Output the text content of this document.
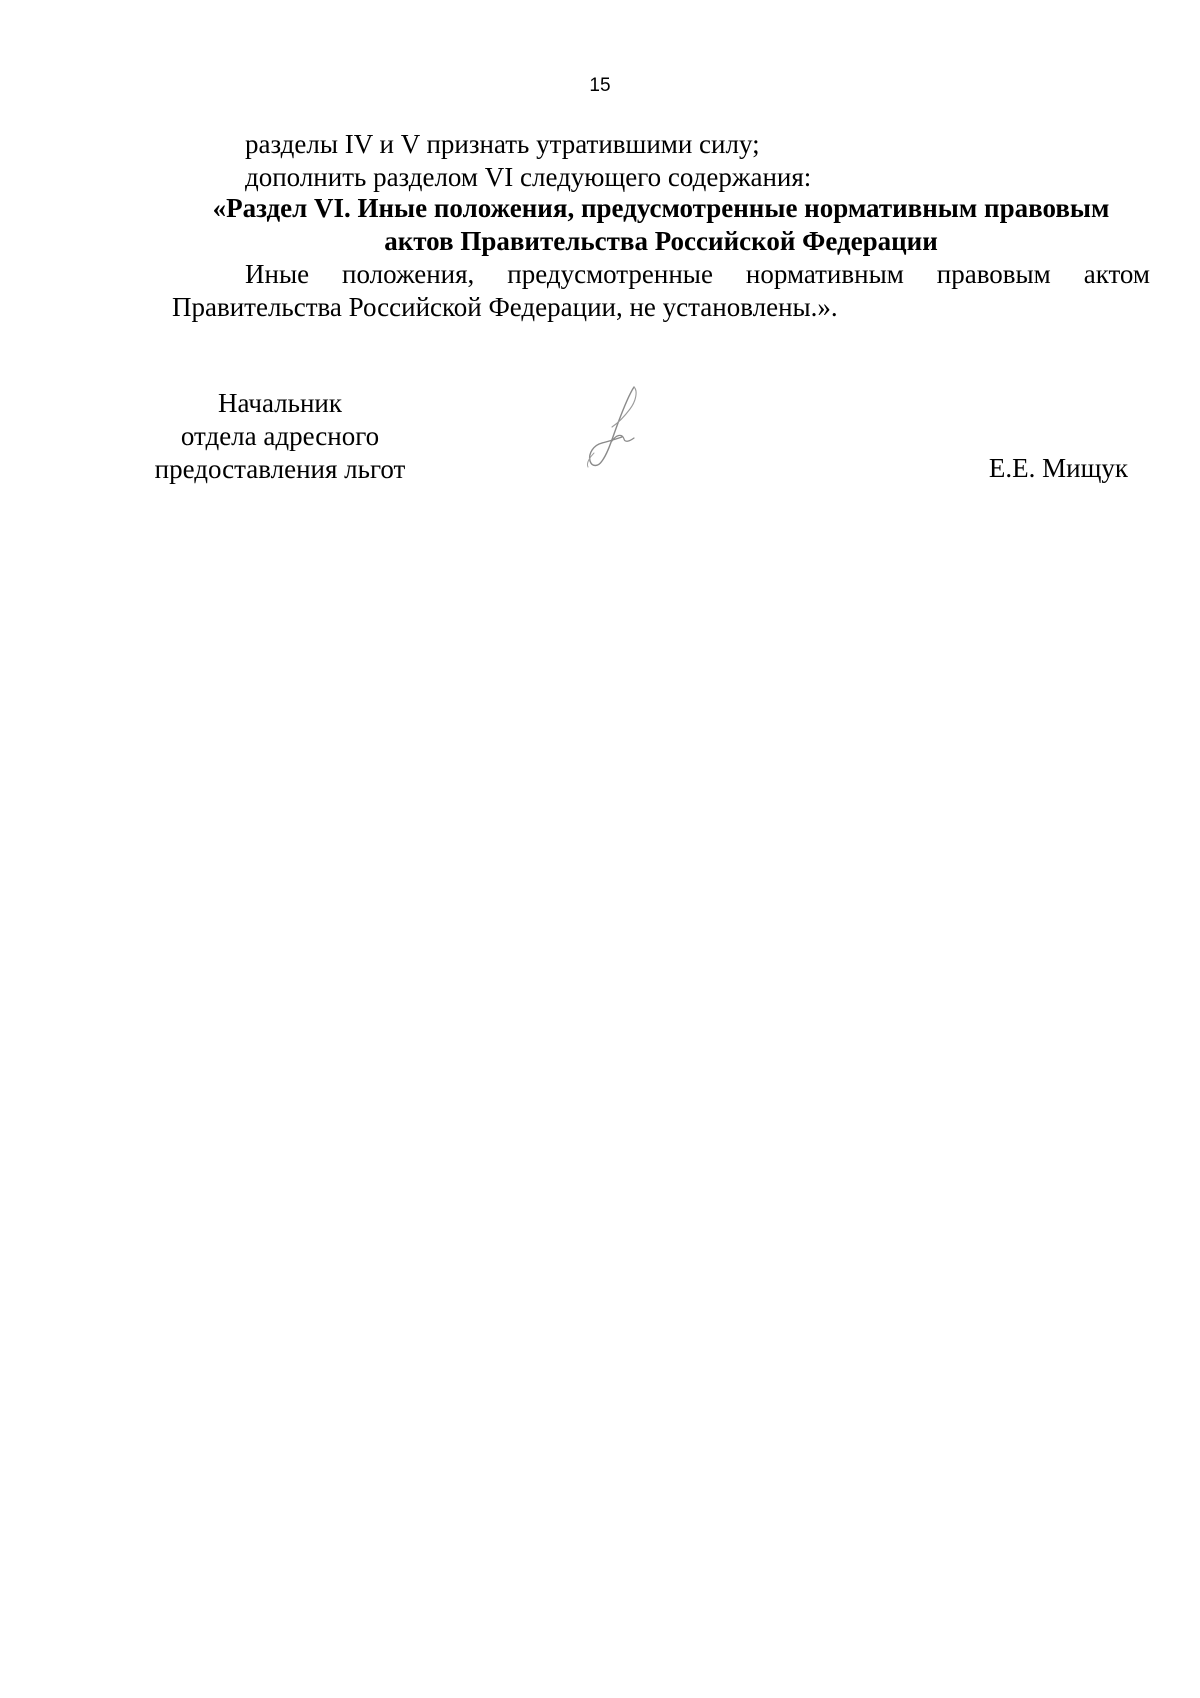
15
разделы IV и V признать утратившими силу;
дополнить разделом VI следующего содержания:
«Раздел VI. Иные положения, предусмотренные нормативным правовым
актов Правительства Российской Федерации
Иные положения, предусмотренные нормативным правовым актом Правительства Российской Федерации, не установлены.».
Начальник
отдела адресного
предоставления льгот	Е.Е. Мищук
